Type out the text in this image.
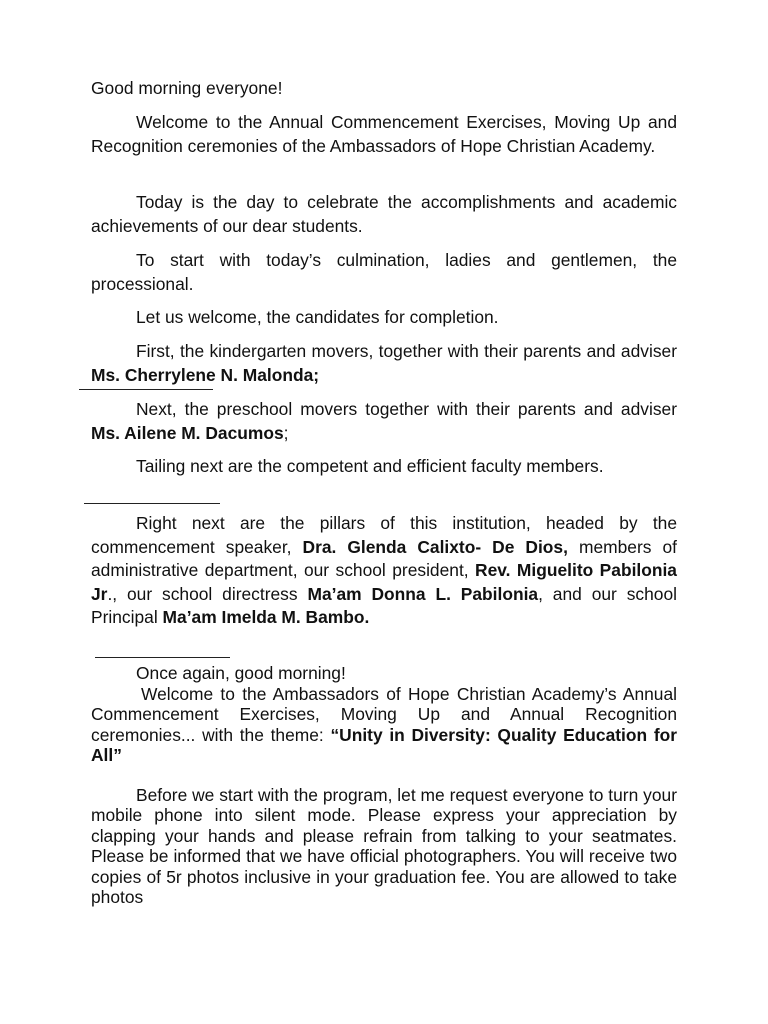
Good morning everyone!

Welcome to the Annual Commencement Exercises, Moving Up and Recognition ceremonies of the Ambassadors of Hope Christian Academy.

Today is the day to celebrate the accomplishments and academic achievements of our dear students.

To start with today’s culmination, ladies and gentlemen, the processional.

Let us welcome, the candidates for completion.

First, the kindergarten movers, together with their parents and adviser Ms. Cherrylene N. Malonda;

Next, the preschool movers together with their parents and adviser Ms. Ailene M. Dacumos;

Tailing next are the competent and efficient faculty members.

Right next are the pillars of this institution, headed by the commencement speaker, Dra. Glenda Calixto- De Dios, members of administrative department, our school president, Rev. Miguelito Pabilonia Jr., our school directress Ma’am Donna L. Pabilonia, and our school Principal Ma’am Imelda M. Bambo.

Once again, good morning!

Welcome to the Ambassadors of Hope Christian Academy’s Annual Commencement Exercises, Moving Up and Annual Recognition ceremonies... with the theme: “Unity in Diversity: Quality Education for All”

Before we start with the program, let me request everyone to turn your mobile phone into silent mode. Please express your appreciation by clapping your hands and please refrain from talking to your seatmates. Please be informed that we have official photographers. You will receive two copies of 5r photos inclusive in your graduation fee. You are allowed to take photos
